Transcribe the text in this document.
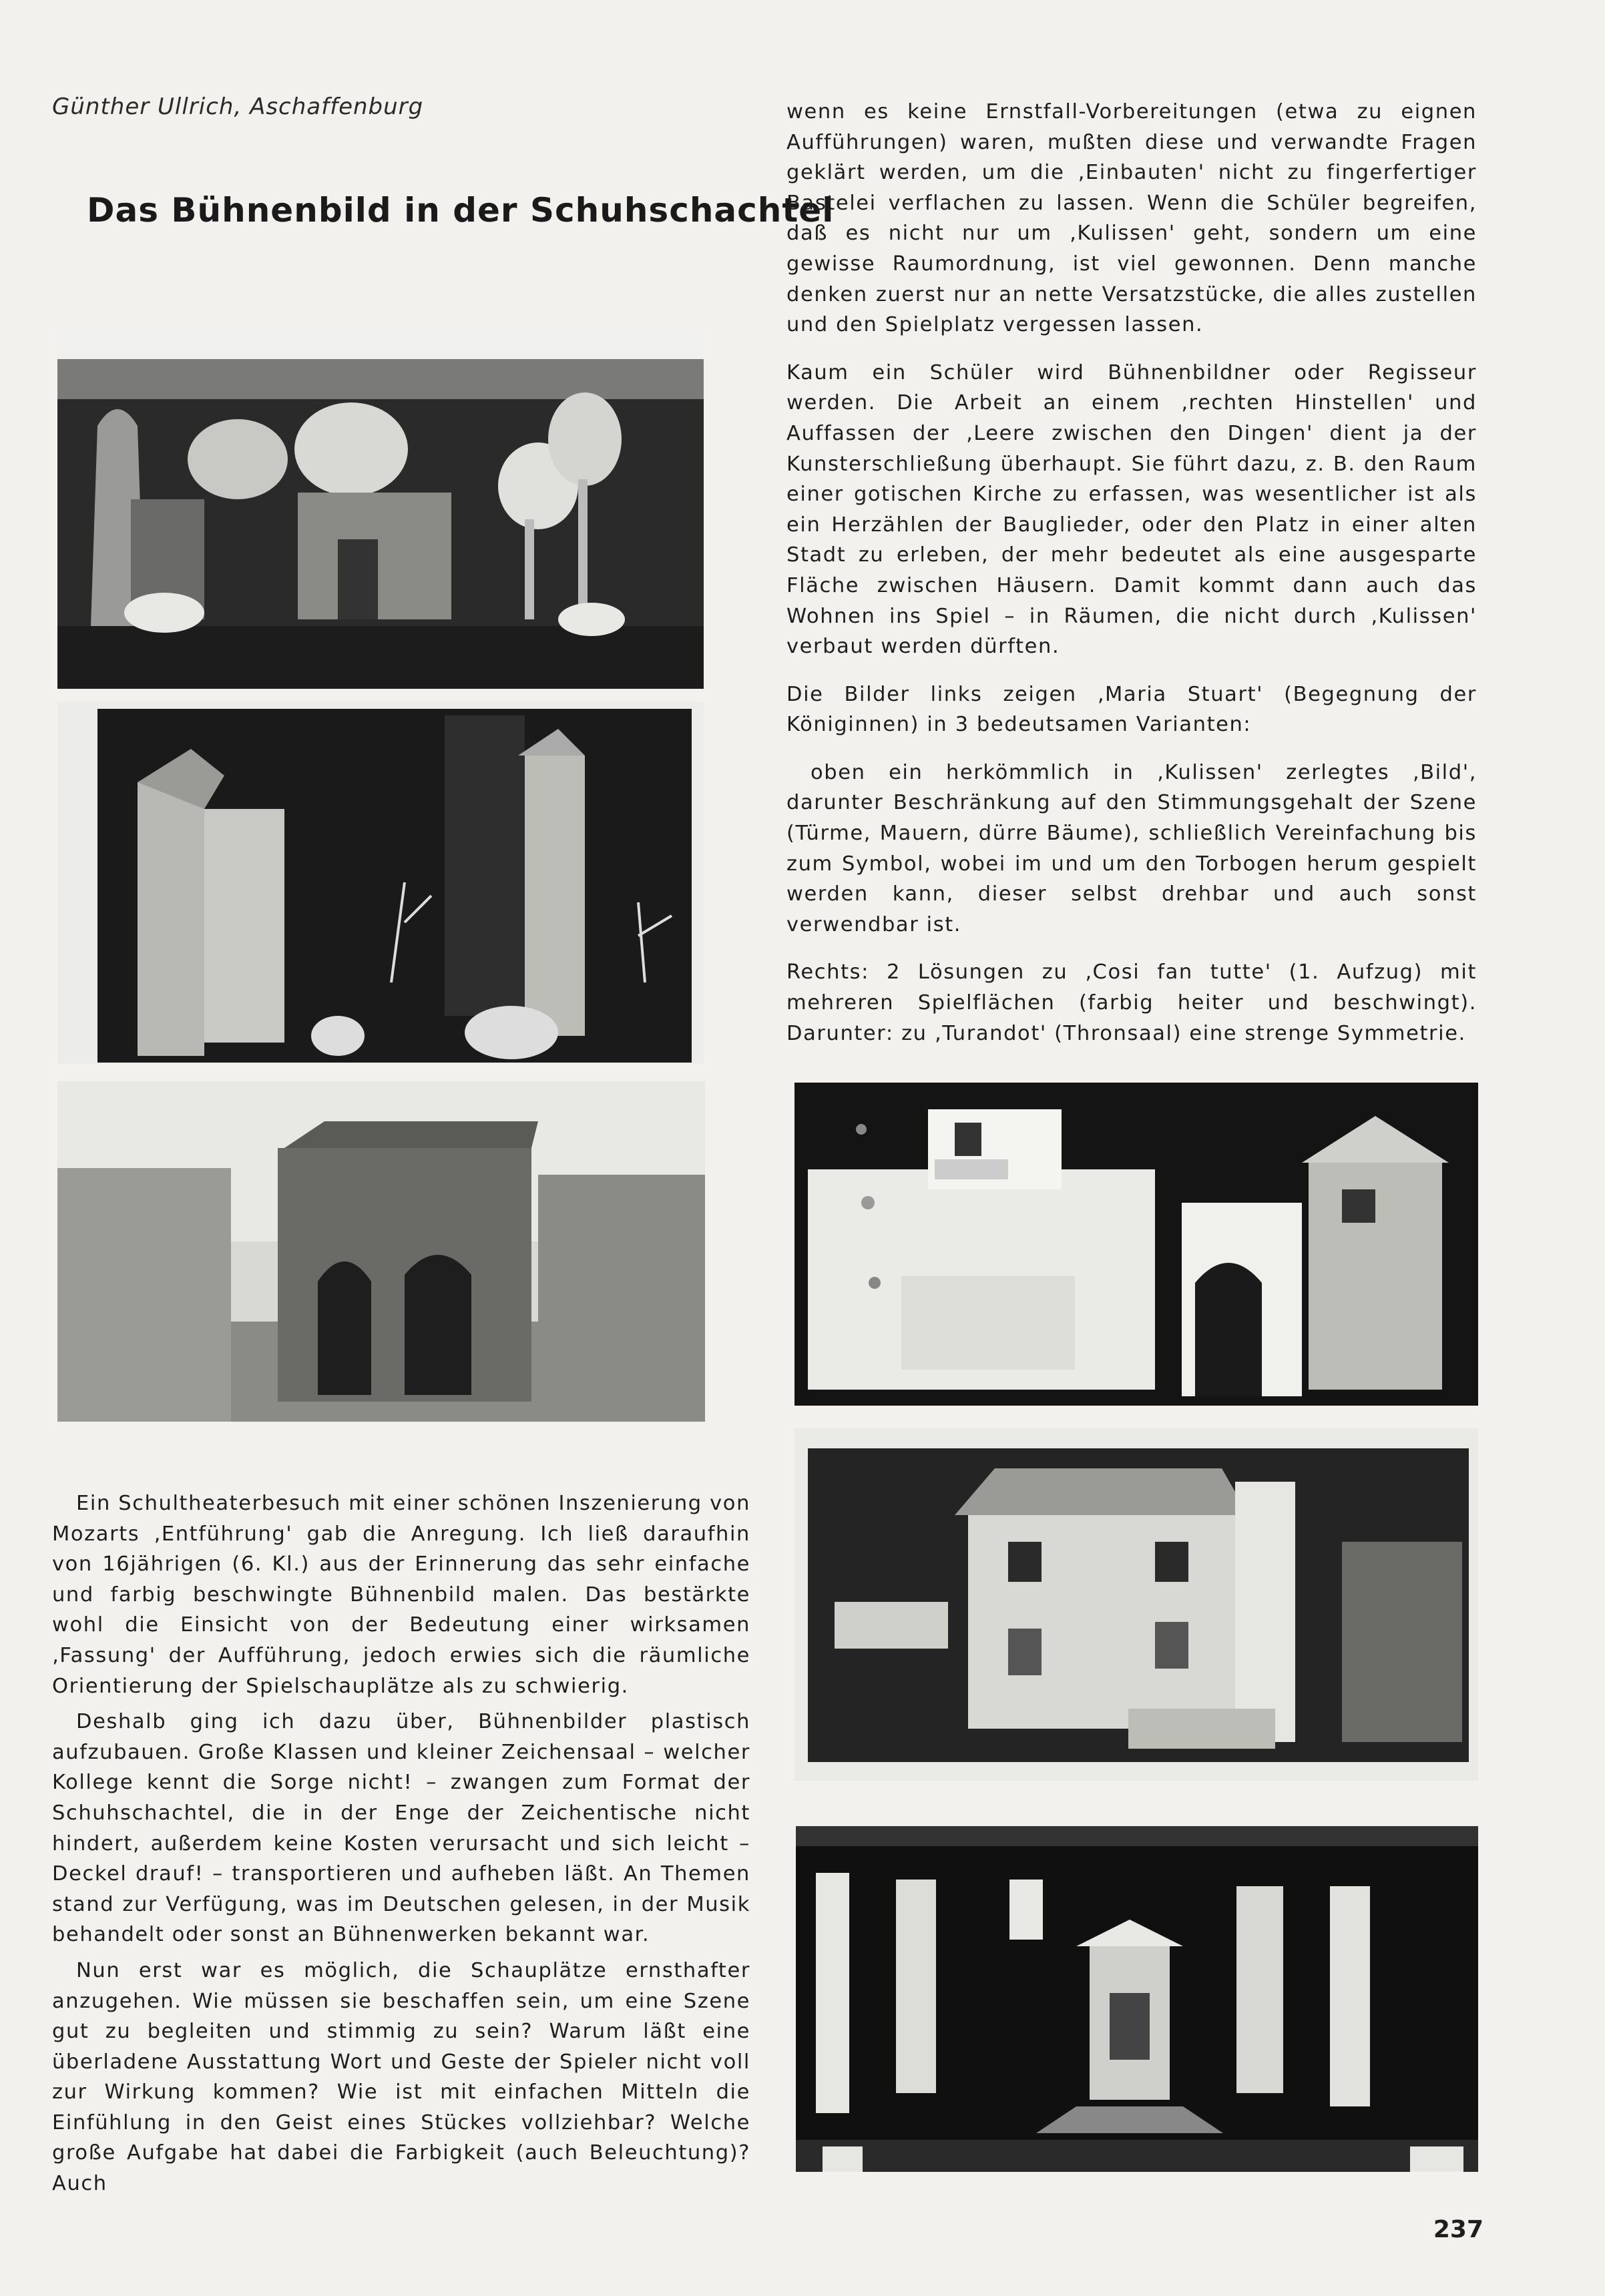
Günther Ullrich, Aschaffenburg
Das Bühnenbild in der Schuhschachtel

wenn es keine Ernstfall-Vorbereitungen (etwa zu eignen Aufführungen) waren, mußten diese und verwandte Fragen geklärt werden, um die ‚Einbauten' nicht zu fingerfertiger Bastelei verflachen zu lassen. Wenn die Schüler begreifen, daß es nicht nur um ‚Kulissen' geht, sondern um eine gewisse Raumordnung, ist viel gewonnen. Denn manche denken zuerst nur an nette Versatzstücke, die alles zustellen und den Spielplatz vergessen lassen.

Kaum ein Schüler wird Bühnenbildner oder Regisseur werden. Die Arbeit an einem ‚rechten Hinstellen' und Auffassen der ‚Leere zwischen den Dingen' dient ja der Kunsterschließung überhaupt. Sie führt dazu, z. B. den Raum einer gotischen Kirche zu erfassen, was wesentlicher ist als ein Herzählen der Bauglieder, oder den Platz in einer alten Stadt zu erleben, der mehr bedeutet als eine ausgesparte Fläche zwischen Häusern. Damit kommt dann auch das Wohnen ins Spiel – in Räumen, die nicht durch ‚Kulissen' verbaut werden dürften.

Die Bilder links zeigen ‚Maria Stuart' (Begegnung der Königinnen) in 3 bedeutsamen Varianten:

oben ein herkömmlich in ‚Kulissen' zerlegtes ‚Bild', darunter Beschränkung auf den Stimmungsgehalt der Szene (Türme, Mauern, dürre Bäume), schließlich Vereinfachung bis zum Symbol, wobei im und um den Torbogen herum gespielt werden kann, dieser selbst drehbar und auch sonst verwendbar ist.

Rechts: 2 Lösungen zu ‚Cosi fan tutte' (1. Aufzug) mit mehreren Spielflächen (farbig heiter und beschwingt). Darunter: zu ‚Turandot' (Thronsaal) eine strenge Symmetrie.

Ein Schultheaterbesuch mit einer schönen Inszenierung von Mozarts ‚Entführung' gab die Anregung. Ich ließ daraufhin von 16jährigen (6. Kl.) aus der Erinnerung das sehr einfache und farbig beschwingte Bühnenbild malen. Das bestärkte wohl die Einsicht von der Bedeutung einer wirksamen ‚Fassung' der Aufführung, jedoch erwies sich die räumliche Orientierung der Spielschauplätze als zu schwierig.

Deshalb ging ich dazu über, Bühnenbilder plastisch aufzubauen. Große Klassen und kleiner Zeichensaal – welcher Kollege kennt die Sorge nicht! – zwangen zum Format der Schuhschachtel, die in der Enge der Zeichentische nicht hindert, außerdem keine Kosten verursacht und sich leicht – Deckel drauf! – transportieren und aufheben läßt. An Themen stand zur Verfügung, was im Deutschen gelesen, in der Musik behandelt oder sonst an Bühnenwerken bekannt war.

Nun erst war es möglich, die Schauplätze ernsthafter anzugehen. Wie müssen sie beschaffen sein, um eine Szene gut zu begleiten und stimmig zu sein? Warum läßt eine überladene Ausstattung Wort und Geste der Spieler nicht voll zur Wirkung kommen? Wie ist mit einfachen Mitteln die Einfühlung in den Geist eines Stückes vollziehbar? Welche große Aufgabe hat dabei die Farbigkeit (auch Beleuchtung)? Auch

237
